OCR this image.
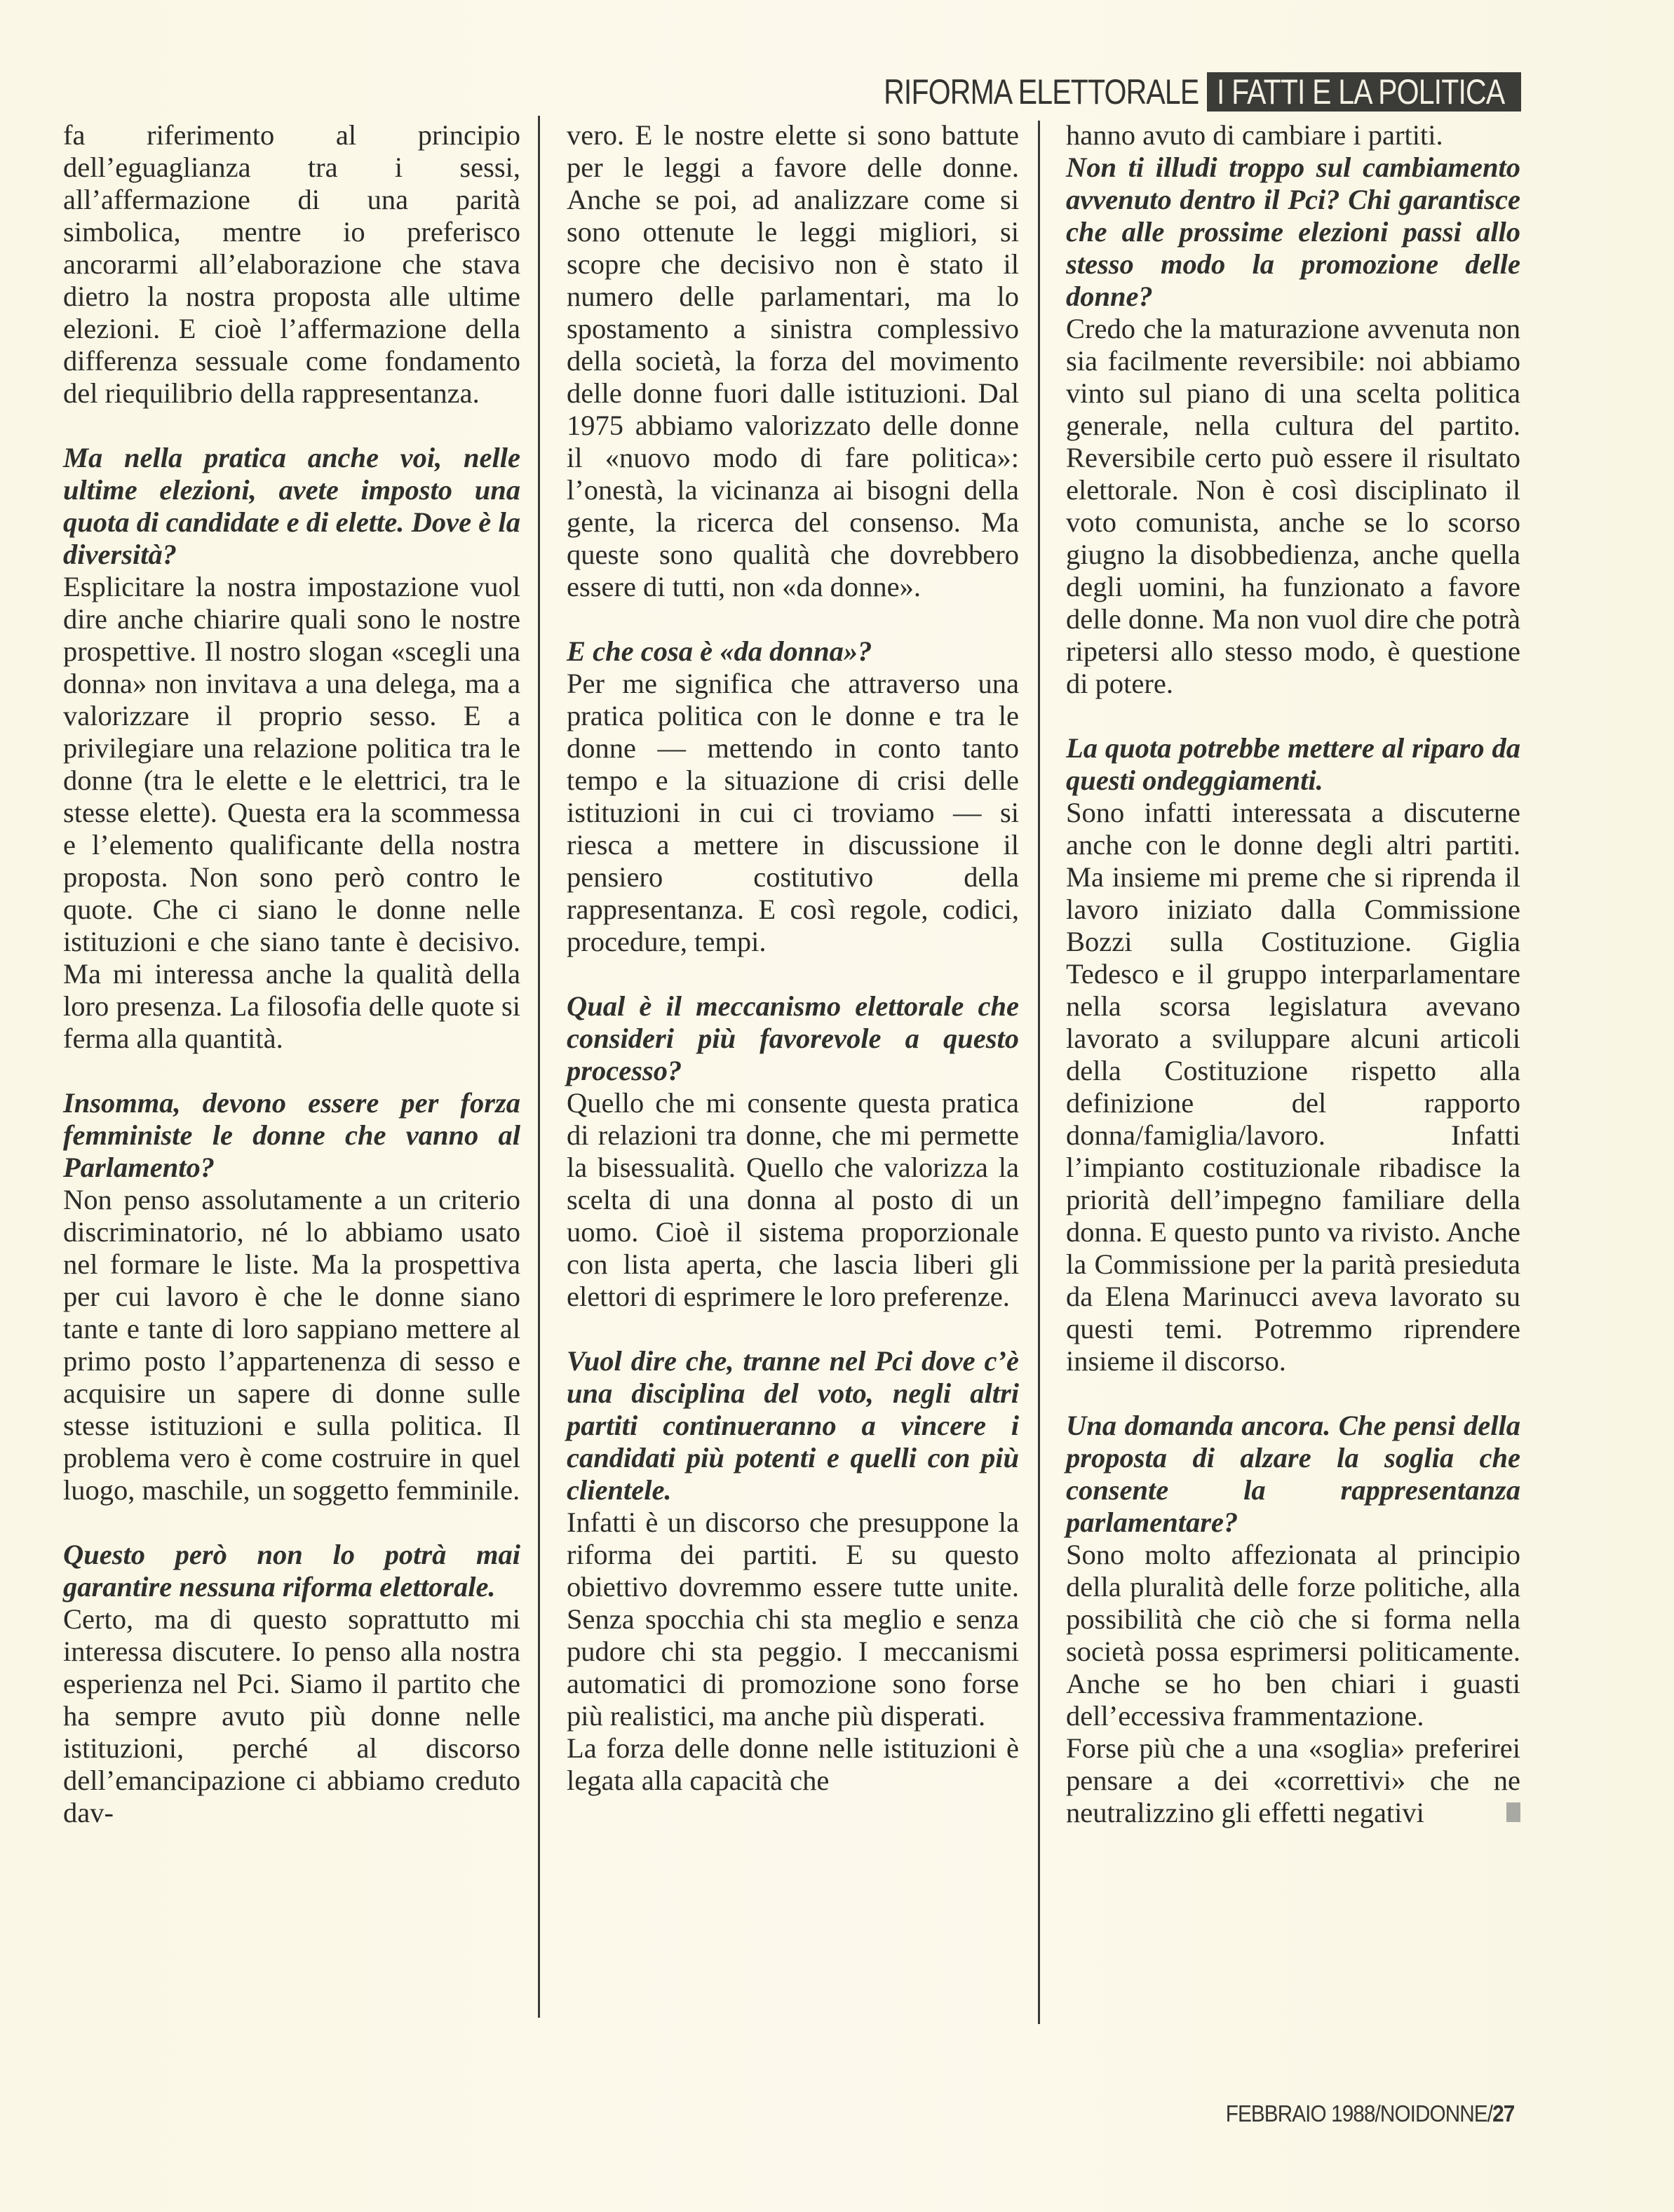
RIFORMA ELETTORALE I FATTI E LA POLITICA

fa riferimento al principio dell’eguaglianza tra i sessi, all’affermazione di una parità simbolica, mentre io preferisco ancorarmi all’elaborazione che stava dietro la nostra proposta alle ultime elezioni. E cioè l’affermazione della differenza sessuale come fondamento del riequilibrio della rappresentanza.

Ma nella pratica anche voi, nelle ultime elezioni, avete imposto una quota di candidate e di elette. Dove è la diversità?

Esplicitare la nostra impostazione vuol dire anche chiarire quali sono le nostre prospettive. Il nostro slogan «scegli una donna» non invitava a una delega, ma a valorizzare il proprio sesso. E a privilegiare una relazione politica tra le donne (tra le elette e le elettrici, tra le stesse elette). Questa era la scommessa e l’elemento qualificante della nostra proposta. Non sono però contro le quote. Che ci siano le donne nelle istituzioni e che siano tante è decisivo. Ma mi interessa anche la qualità della loro presenza. La filosofia delle quote si ferma alla quantità.

Insomma, devono essere per forza femministe le donne che vanno al Parlamento?

Non penso assolutamente a un criterio discriminatorio, né lo abbiamo usato nel formare le liste. Ma la prospettiva per cui lavoro è che le donne siano tante e tante di loro sappiano mettere al primo posto l’appartenenza di sesso e acquisire un sapere di donne sulle stesse istituzioni e sulla politica. Il problema vero è come costruire in quel luogo, maschile, un soggetto femminile.

Questo però non lo potrà mai garantire nessuna riforma elettorale.

Certo, ma di questo soprattutto mi interessa discutere. Io penso alla nostra esperienza nel Pci. Siamo il partito che ha sempre avuto più donne nelle istituzioni, perché al discorso dell’emancipazione ci abbiamo creduto dav-

vero. E le nostre elette si sono battute per le leggi a favore delle donne. Anche se poi, ad analizzare come si sono ottenute le leggi migliori, si scopre che decisivo non è stato il numero delle parlamentari, ma lo spostamento a sinistra complessivo della società, la forza del movimento delle donne fuori dalle istituzioni. Dal 1975 abbiamo valorizzato delle donne il «nuovo modo di fare politica»: l’onestà, la vicinanza ai bisogni della gente, la ricerca del consenso. Ma queste sono qualità che dovrebbero essere di tutti, non «da donne».

E che cosa è «da donna»?

Per me significa che attraverso una pratica politica con le donne e tra le donne — mettendo in conto tanto tempo e la situazione di crisi delle istituzioni in cui ci troviamo — si riesca a mettere in discussione il pensiero costitutivo della rappresentanza. E così regole, codici, procedure, tempi.

Qual è il meccanismo elettorale che consideri più favorevole a questo processo?

Quello che mi consente questa pratica di relazioni tra donne, che mi permette la bisessualità. Quello che valorizza la scelta di una donna al posto di un uomo. Cioè il sistema proporzionale con lista aperta, che lascia liberi gli elettori di esprimere le loro preferenze.

Vuol dire che, tranne nel Pci dove c’è una disciplina del voto, negli altri partiti continueranno a vincere i candidati più potenti e quelli con più clientele.

Infatti è un discorso che presuppone la riforma dei partiti. E su questo obiettivo dovremmo essere tutte unite. Senza spocchia chi sta meglio e senza pudore chi sta peggio. I meccanismi automatici di promozione sono forse più realistici, ma anche più disperati.

La forza delle donne nelle istituzioni è legata alla capacità che

hanno avuto di cambiare i partiti.

Non ti illudi troppo sul cambiamento avvenuto dentro il Pci? Chi garantisce che alle prossime elezioni passi allo stesso modo la promozione delle donne?

Credo che la maturazione avvenuta non sia facilmente reversibile: noi abbiamo vinto sul piano di una scelta politica generale, nella cultura del partito. Reversibile certo può essere il risultato elettorale. Non è così disciplinato il voto comunista, anche se lo scorso giugno la disobbedienza, anche quella degli uomini, ha funzionato a favore delle donne. Ma non vuol dire che potrà ripetersi allo stesso modo, è questione di potere.

La quota potrebbe mettere al riparo da questi ondeggiamenti.

Sono infatti interessata a discuterne anche con le donne degli altri partiti. Ma insieme mi preme che si riprenda il lavoro iniziato dalla Commissione Bozzi sulla Costituzione. Giglia Tedesco e il gruppo interparlamentare nella scorsa legislatura avevano lavorato a sviluppare alcuni articoli della Costituzione rispetto alla definizione del rapporto donna/famiglia/lavoro. Infatti l’impianto costituzionale ribadisce la priorità dell’impegno familiare della donna. E questo punto va rivisto. Anche la Commissione per la parità presieduta da Elena Marinucci aveva lavorato su questi temi. Potremmo riprendere insieme il discorso.

Una domanda ancora. Che pensi della proposta di alzare la soglia che consente la rappresentanza parlamentare?

Sono molto affezionata al principio della pluralità delle forze politiche, alla possibilità che ciò che si forma nella società possa esprimersi politicamente. Anche se ho ben chiari i guasti dell’eccessiva frammentazione.

Forse più che a una «soglia» preferirei pensare a dei «correttivi» che ne neutralizzino gli effetti negativi

FEBBRAIO 1988/NOIDONNE/27
